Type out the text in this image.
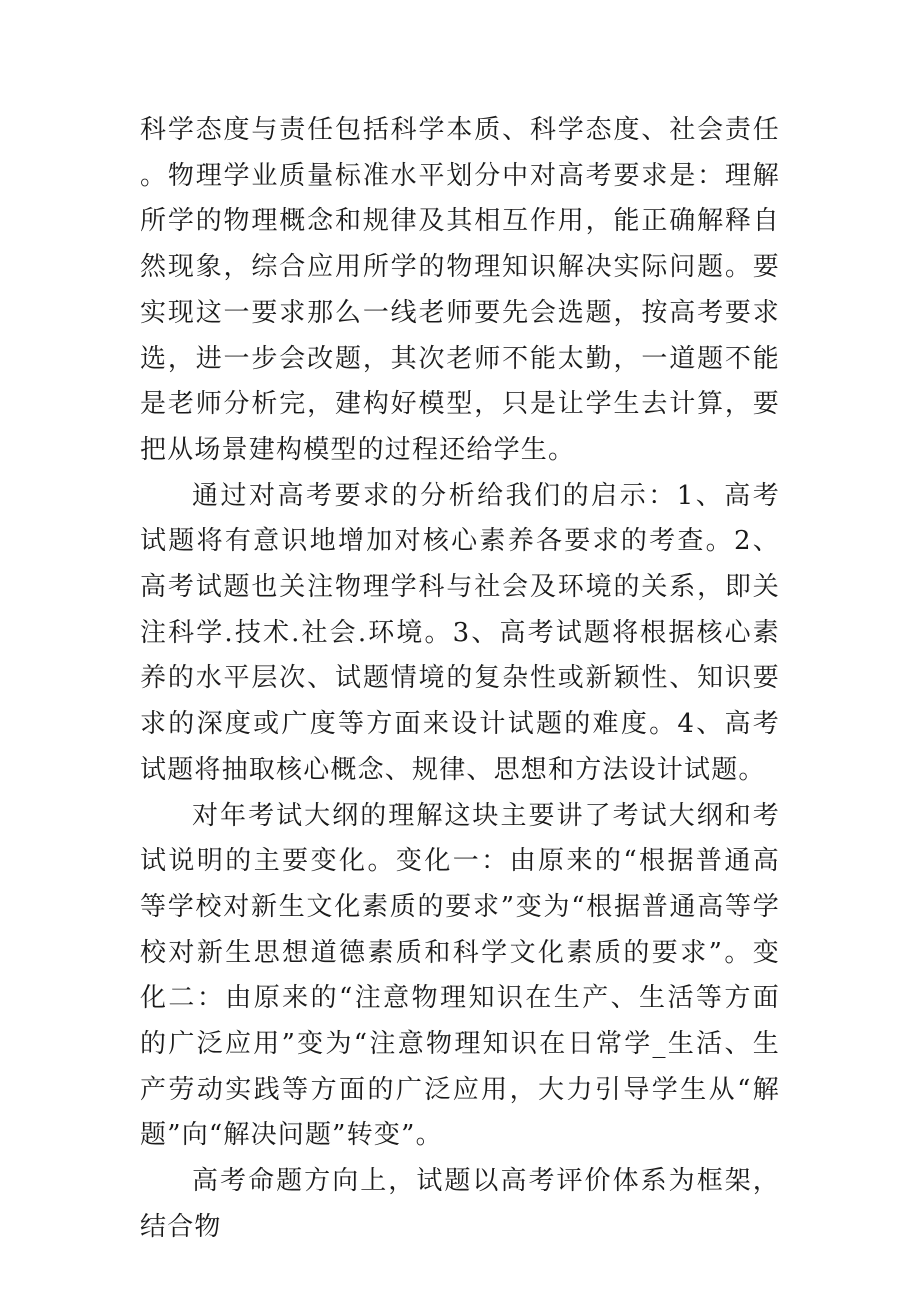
科学态度与责任包括科学本质、科学态度、社会责任。物理学业质量标准水平划分中对高考要求是：理解所学的物理概念和规律及其相互作用，能正确解释自然现象，综合应用所学的物理知识解决实际问题。要实现这一要求那么一线老师要先会选题，按高考要求选，进一步会改题，其次老师不能太勤，一道题不能是老师分析完，建构好模型，只是让学生去计算，要把从场景建构模型的过程还给学生。

通过对高考要求的分析给我们的启示：1、高考试题将有意识地增加对核心素养各要求的考查。2、高考试题也关注物理学科与社会及环境的关系，即关注科学.技术.社会.环境。3、高考试题将根据核心素养的水平层次、试题情境的复杂性或新颖性、知识要求的深度或广度等方面来设计试题的难度。4、高考试题将抽取核心概念、规律、思想和方法设计试题。

对年考试大纲的理解这块主要讲了考试大纲和考试说明的主要变化。变化一：由原来的“根据普通高等学校对新生文化素质的要求”变为“根据普通高等学校对新生思想道德素质和科学文化素质的要求”。变化二：由原来的“注意物理知识在生产、生活等方面的广泛应用”变为“注意物理知识在日常学_生活、生产劳动实践等方面的广泛应用，大力引导学生从“解题”向“解决问题”转变”。

高考命题方向上，试题以高考评价体系为框架，结合物
